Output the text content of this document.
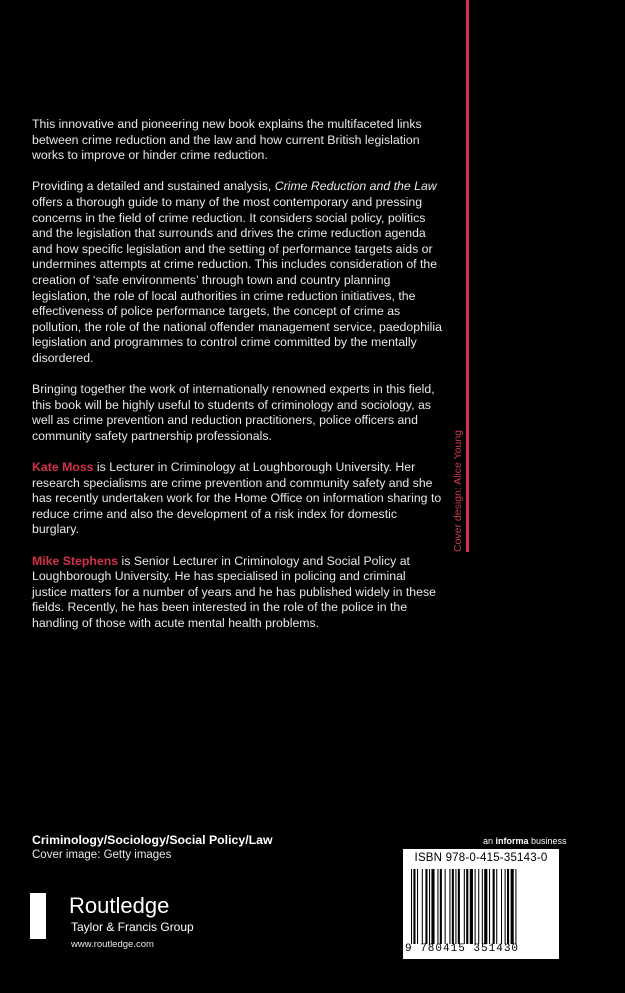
Cover design: Alice Young

This innovative and pioneering new book explains the multifaceted links between crime reduction and the law and how current British legislation works to improve or hinder crime reduction.

Providing a detailed and sustained analysis, Crime Reduction and the Law offers a thorough guide to many of the most contemporary and pressing concerns in the field of crime reduction. It considers social policy, politics and the legislation that surrounds and drives the crime reduction agenda and how specific legislation and the setting of performance targets aids or undermines attempts at crime reduction. This includes consideration of the creation of ‘safe environments’ through town and country planning legislation, the role of local authorities in crime reduction initiatives, the effectiveness of police performance targets, the concept of crime as pollution, the role of the national offender management service, paedophilia legislation and programmes to control crime committed by the mentally disordered.

Bringing together the work of internationally renowned experts in this field, this book will be highly useful to students of criminology and sociology, as well as crime prevention and reduction practitioners, police officers and community safety partnership professionals.

Kate Moss is Lecturer in Criminology at Loughborough University. Her research specialisms are crime prevention and community safety and she has recently undertaken work for the Home Office on information sharing to reduce crime and also the development of a risk index for domestic burglary.

Mike Stephens is Senior Lecturer in Criminology and Social Policy at Loughborough University. He has specialised in policing and criminal justice matters for a number of years and he has published widely in these fields. Recently, he has been interested in the role of the police in the handling of those with acute mental health problems.

Criminology/Sociology/Social Policy/Law
Cover image: Getty images
ROUTLEDGE Routledge
Taylor & Francis Group
www.routledge.com
an informa business
ISBN 978-0-415-35143-0
9 780415 351430
